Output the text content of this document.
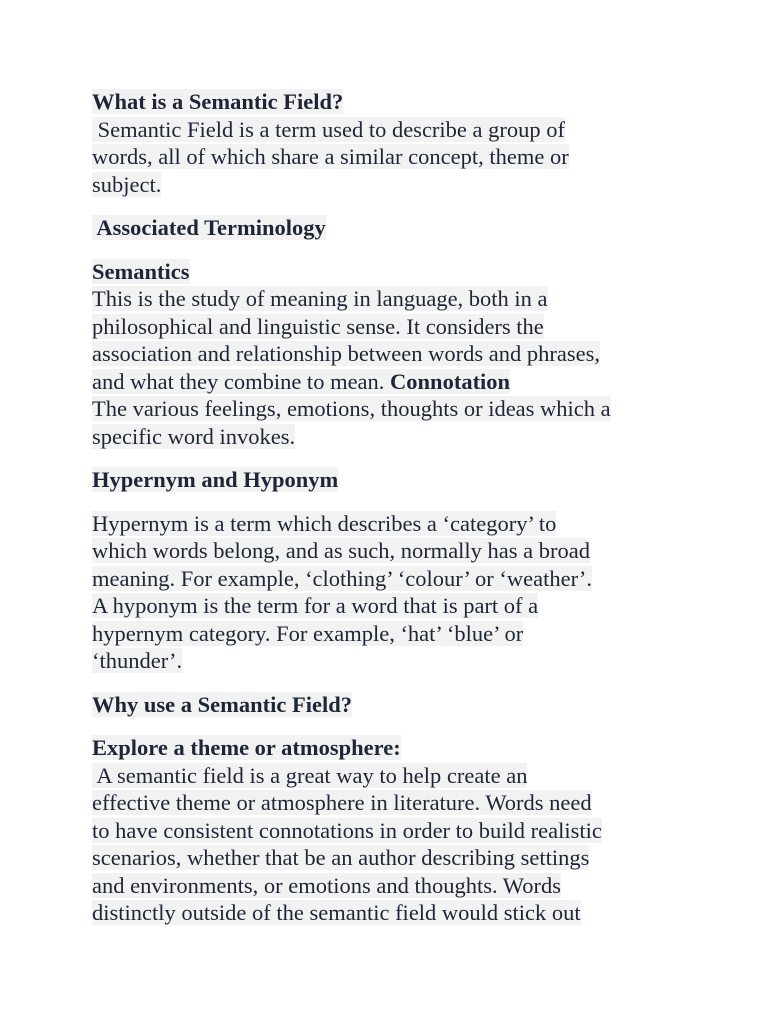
What is a Semantic Field?
Semantic Field is a term used to describe a group of
words, all of which share a similar concept, theme or
subject.
Associated Terminology
Semantics
This is the study of meaning in language, both in a
philosophical and linguistic sense. It considers the
association and relationship between words and phrases,
and what they combine to mean. Connotation
The various feelings, emotions, thoughts or ideas which a
specific word invokes.
Hypernym and Hyponym
Hypernym is a term which describes a ‘category’ to
which words belong, and as such, normally has a broad
meaning. For example, ‘clothing’ ‘colour’ or ‘weather’.
A hyponym is the term for a word that is part of a
hypernym category. For example, ‘hat’ ‘blue’ or
‘thunder’.
Why use a Semantic Field?
Explore a theme or atmosphere:
A semantic field is a great way to help create an
effective theme or atmosphere in literature. Words need
to have consistent connotations in order to build realistic
scenarios, whether that be an author describing settings
and environments, or emotions and thoughts. Words
distinctly outside of the semantic field would stick out
